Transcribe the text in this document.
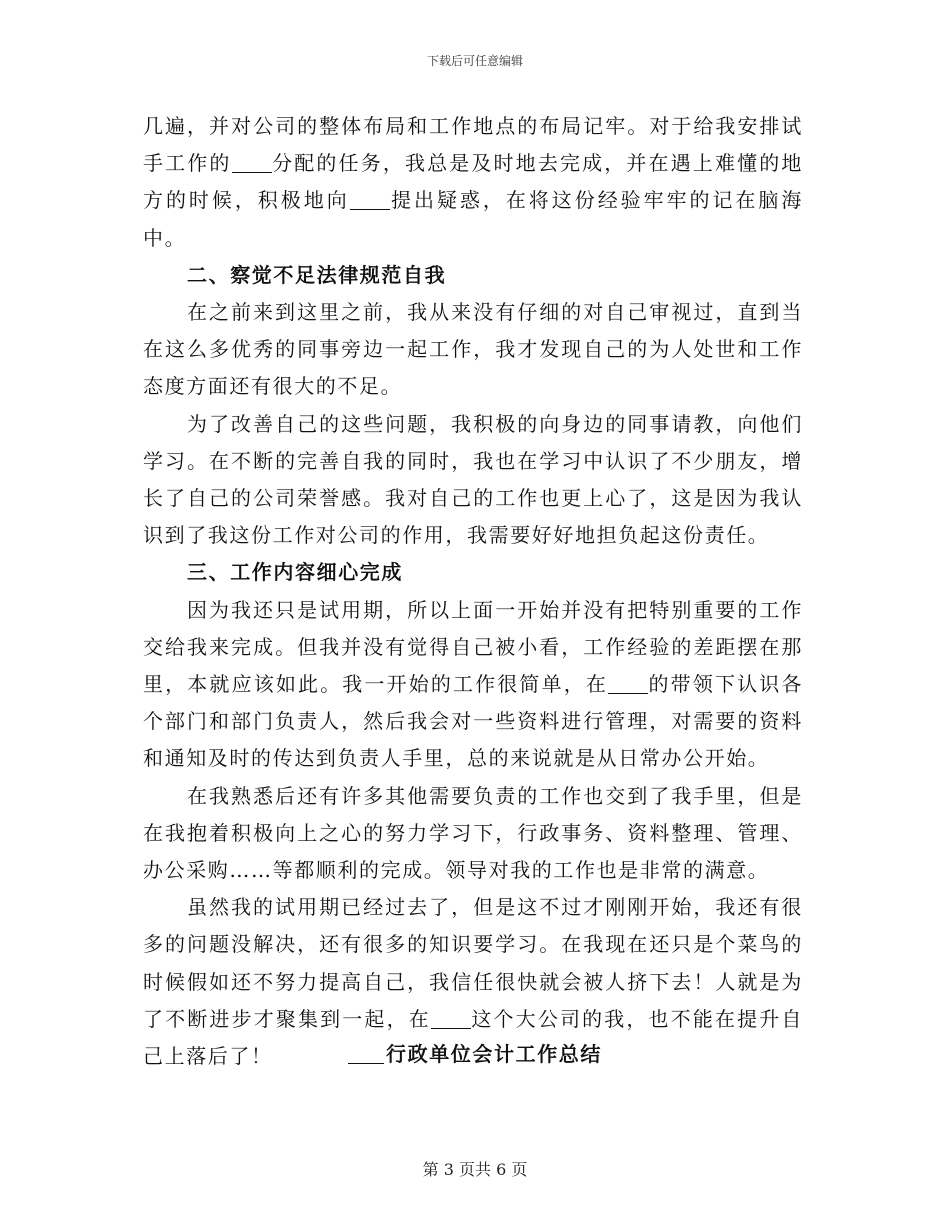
下载后可任意编辑

几遍，并对公司的整体布局和工作地点的布局记牢。对于给我安排试手工作的 分配的任务，我总是及时地去完成，并在遇上难懂的地方的时候，积极地向 提出疑惑，在将这份经验牢牢的记在脑海中。

二、察觉不足法律规范自我

在之前来到这里之前，我从来没有仔细的对自己审视过，直到当在这么多优秀的同事旁边一起工作，我才发现自己的为人处世和工作态度方面还有很大的不足。

为了改善自己的这些问题，我积极的向身边的同事请教，向他们学习。在不断的完善自我的同时，我也在学习中认识了不少朋友，增长了自己的公司荣誉感。我对自己的工作也更上心了，这是因为我认识到了我这份工作对公司的作用，我需要好好地担负起这份责任。

三、工作内容细心完成

因为我还只是试用期，所以上面一开始并没有把特别重要的工作交给我来完成。但我并没有觉得自己被小看，工作经验的差距摆在那里，本就应该如此。我一开始的工作很简单，在 的带领下认识各个部门和部门负责人，然后我会对一些资料进行管理，对需要的资料和通知及时的传达到负责人手里，总的来说就是从日常办公开始。

在我熟悉后还有许多其他需要负责的工作也交到了我手里，但是在我抱着积极向上之心的努力学习下，行政事务、资料整理、管理、办公采购……等都顺利的完成。领导对我的工作也是非常的满意。

虽然我的试用期已经过去了，但是这不过才刚刚开始，我还有很多的问题没解决，还有很多的知识要学习。在我现在还只是个菜鸟的时候假如还不努力提高自己，我信任很快就会被人挤下去！人就是为了不断进步才聚集到一起，在 这个大公司的我，也不能在提升自己上落后了！	行政单位会计工作总结
第 3 页共 6 页
